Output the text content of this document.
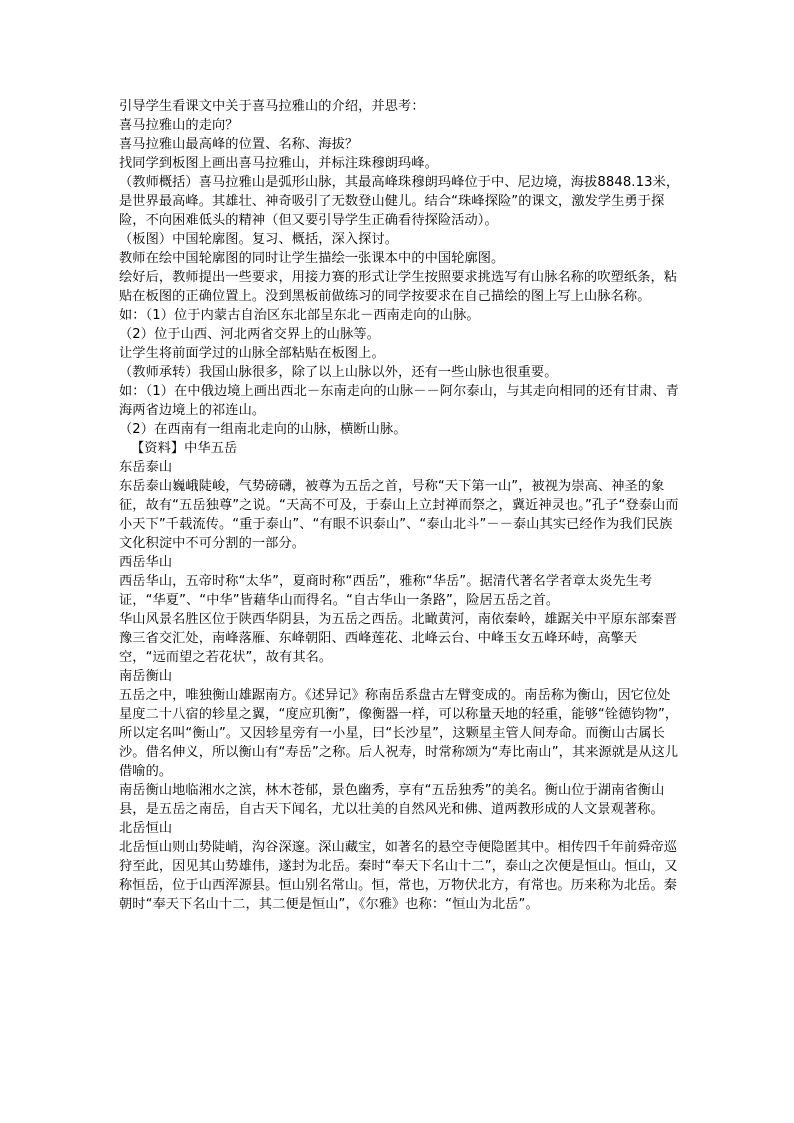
引导学生看课文中关于喜马拉雅山的介绍，并思考：

喜马拉雅山的走向？

喜马拉雅山最高峰的位置、名称、海拔？

找同学到板图上画出喜马拉雅山，并标注珠穆朗玛峰。

（教师概括）喜马拉雅山是弧形山脉，其最高峰珠穆朗玛峰位于中、尼边境，海拔8848.13米，是世界最高峰。其雄壮、神奇吸引了无数登山健儿。结合“珠峰探险”的课文，激发学生勇于探险，不向困难低头的精神（但又要引导学生正确看待探险活动）。

（板图）中国轮廓图。复习、概括，深入探讨。

教师在绘中国轮廓图的同时让学生描绘一张课本中的中国轮廓图。

绘好后，教师提出一些要求，用接力赛的形式让学生按照要求挑选写有山脉名称的吹塑纸条，粘贴在板图的正确位置上。没到黑板前做练习的同学按要求在自己描绘的图上写上山脉名称。

如：（1）位于内蒙古自治区东北部呈东北－西南走向的山脉。

（2）位于山西、河北两省交界上的山脉等。

让学生将前面学过的山脉全部粘贴在板图上。

（教师承转）我国山脉很多，除了以上山脉以外，还有一些山脉也很重要。

如：（1）在中俄边境上画出西北－东南走向的山脉－－阿尔泰山，与其走向相同的还有甘肃、青海两省边境上的祁连山。

（2）在西南有一组南北走向的山脉，横断山脉。

【资料】中华五岳

东岳泰山

东岳泰山巍峨陡峻，气势磅礴，被尊为五岳之首，号称“天下第一山”，被视为崇高、神圣的象征，故有“五岳独尊”之说。“天高不可及，于泰山上立封禅而祭之，冀近神灵也。”孔子“登泰山而小天下”千载流传。“重于泰山”、“有眼不识泰山”、“泰山北斗”－－泰山其实已经作为我们民族文化积淀中不可分割的一部分。

西岳华山

西岳华山，五帝时称“太华”，夏商时称“西岳”，雅称“华岳”。据清代著名学者章太炎先生考证，“华夏”、“中华”皆藉华山而得名。“自古华山一条路”，险居五岳之首。

华山风景名胜区位于陕西华阴县，为五岳之西岳。北瞰黄河，南依秦岭，雄踞关中平原东部秦晋豫三省交汇处，南峰落雁、东峰朝阳、西峰莲花、北峰云台、中峰玉女五峰环峙，高擎天空，“远而望之若花状”，故有其名。

南岳衡山

五岳之中，唯独衡山雄踞南方。《述异记》称南岳系盘古左臂变成的。南岳称为衡山，因它位处星度二十八宿的轸星之翼，“度应玑衡”，像衡器一样，可以称量天地的轻重，能够“铨德钧物”，所以定名叫“衡山”。又因轸星旁有一小星，曰“长沙星”，这颗星主管人间寿命。而衡山古属长沙。借名伸义，所以衡山有“寿岳”之称。后人祝寿，时常称颂为“寿比南山”，其来源就是从这儿借喻的。

南岳衡山地临湘水之滨，林木苍郁，景色幽秀，享有“五岳独秀”的美名。衡山位于湖南省衡山县，是五岳之南岳，自古天下闻名，尤以壮美的自然风光和佛、道两教形成的人文景观著称。

北岳恒山

北岳恒山则山势陡峭，沟谷深邃。深山藏宝，如著名的悬空寺便隐匿其中。相传四千年前舜帝巡狩至此，因见其山势雄伟，遂封为北岳。秦时“奉天下名山十二”，泰山之次便是恒山。恒山，又称恒岳，位于山西浑源县。恒山别名常山。恒，常也，万物伏北方，有常也。历来称为北岳。秦朝时“奉天下名山十二，其二便是恒山”，《尔雅》也称：“恒山为北岳”。
